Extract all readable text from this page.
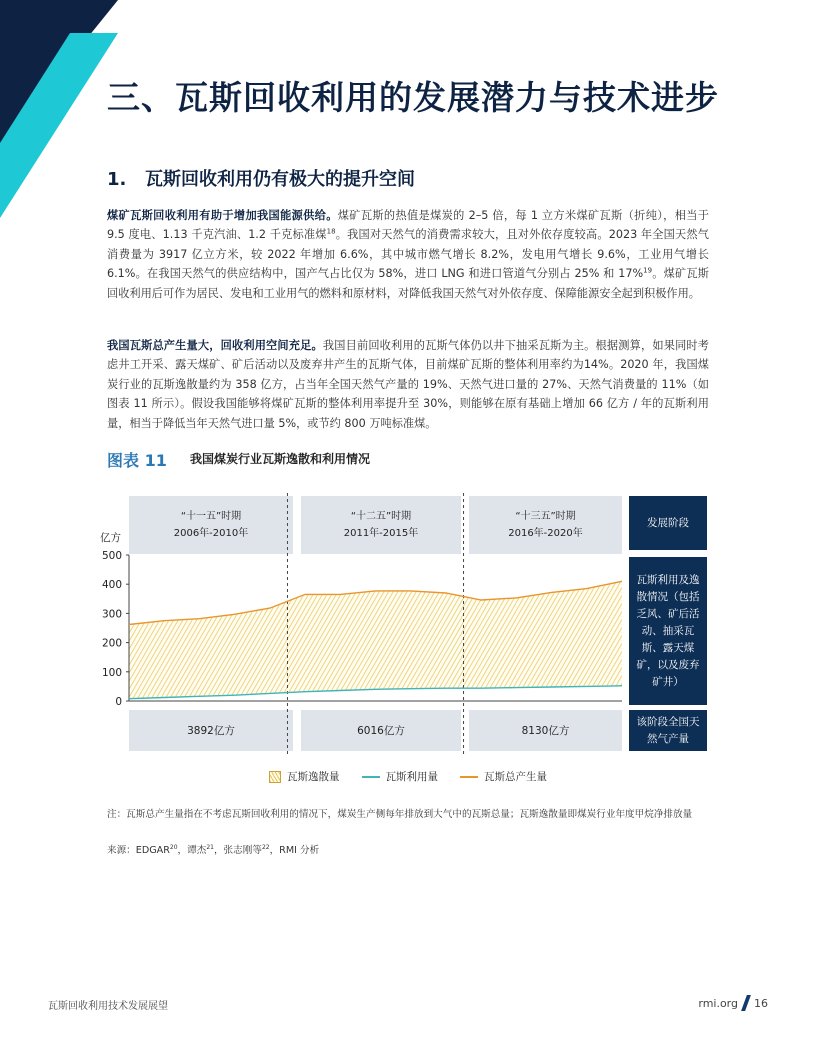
三、瓦斯回收利用的发展潜力与技术进步
1. 瓦斯回收利用仍有极大的提升空间

煤矿瓦斯回收利用有助于增加我国能源供给。煤矿瓦斯的热值是煤炭的 2–5 倍，每 1 立方米煤矿瓦斯（折纯），相当于 9.5 度电、1.13 千克汽油、1.2 千克标准煤$^{18}$。我国对天然气的消费需求较大，且对外依存度较高。2023 年全国天然气消费量为 3917 亿立方米，较 2022 年增加 6.6%，其中城市燃气增长 8.2%，发电用气增长 9.6%，工业用气增长 6.1%。在我国天然气的供应结构中，国产气占比仅为 58%，进口 LNG 和进口管道气分别占 25% 和 17%$^{19}$。煤矿瓦斯回收利用后可作为居民、发电和工业用气的燃料和原材料，对降低我国天然气对外依存度、保障能源安全起到积极作用。

我国瓦斯总产生量大，回收利用空间充足。我国目前回收利用的瓦斯气体仍以井下抽采瓦斯为主。根据测算，如果同时考虑井工开采、露天煤矿、矿后活动以及废弃井产生的瓦斯气体，目前煤矿瓦斯的整体利用率约为14%。2020 年，我国煤炭行业的瓦斯逸散量约为 358 亿方，占当年全国天然气产量的 19%、天然气进口量的 27%、天然气消费量的 11%（如图表 11 所示）。假设我国能够将煤矿瓦斯的整体利用率提升至 30%，则能够在原有基础上增加 66 亿方 / 年的瓦斯利用量，相当于降低当年天然气进口量 5%，或节约 800 万吨标准煤。

图表 11 我国煤炭行业瓦斯逸散和利用情况
“十一五”时期
2006年-2010年
“十二五”时期
2011年-2015年
“十三五”时期
2016年-2020年
3892亿方	6016亿方	8130亿方
发展阶段
瓦斯利用及逸散情况（包括乏风、矿后活动、抽采瓦斯、露天煤矿，以及废弃矿井）
该阶段全国天然气产量
0
100
200
300
400
500
亿方
瓦斯逸散量	瓦斯利用量	瓦斯总产生量

注：瓦斯总产生量指在不考虑瓦斯回收利用的情况下，煤炭生产侧每年排放到大气中的瓦斯总量；瓦斯逸散量即煤炭行业年度甲烷净排放量

来源：EDGAR$^{20}$，谭杰$^{21}$，张志刚等$^{22}$，RMI 分析

瓦斯回收利用技术发展展望	rmi.org 16
